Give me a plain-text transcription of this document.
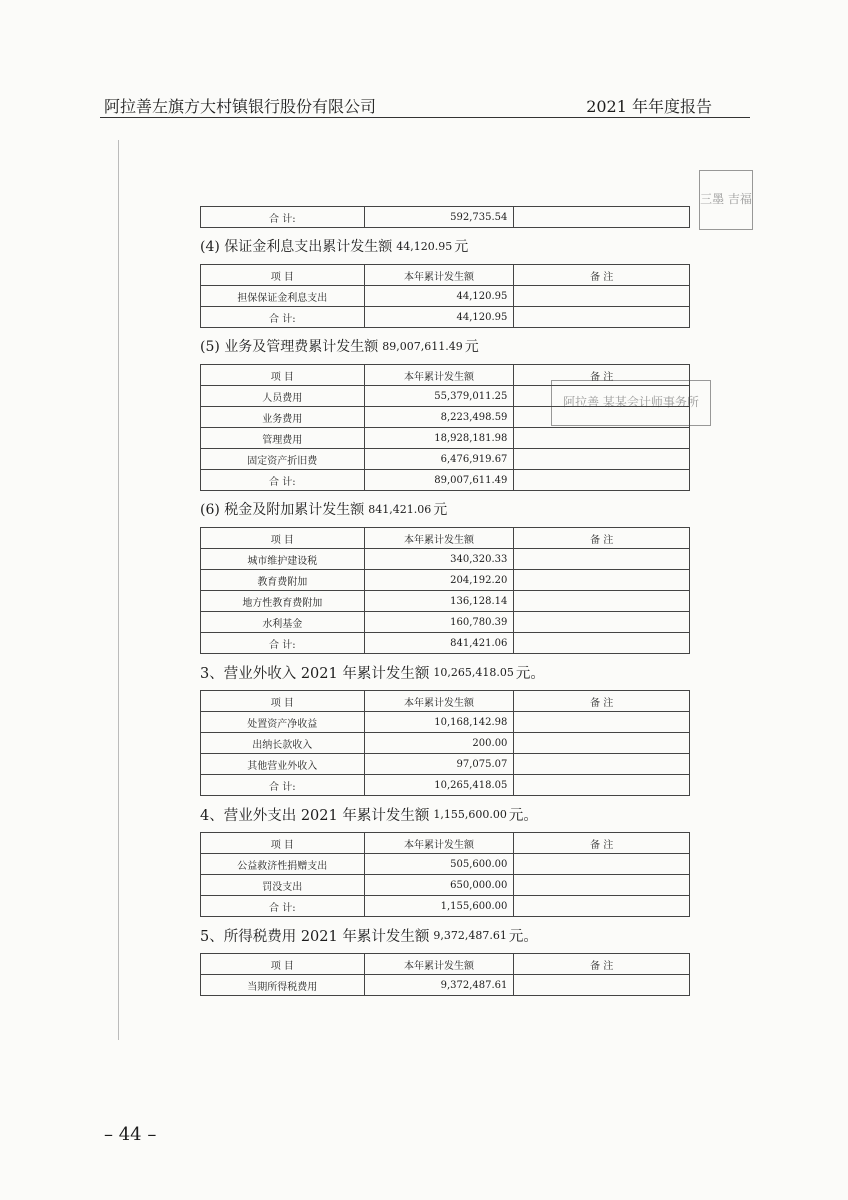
阿拉善左旗方大村镇银行股份有限公司	2021 年年度报告
三墨 吉福
阿拉善 某某会计师事务所
合 计:	592,735.54	
(4) 保证金利息支出累计发生额 44,120.95 元
项 目	本年累计发生额	备 注
担保保证金利息支出	44,120.95	
合 计:	44,120.95	
(5) 业务及管理费累计发生额 89,007,611.49 元
项 目	本年累计发生额	备 注
人员费用	55,379,011.25	
业务费用	8,223,498.59	
管理费用	18,928,181.98	
固定资产折旧费	6,476,919.67	
合 计:	89,007,611.49	
(6) 税金及附加累计发生额 841,421.06 元
项 目	本年累计发生额	备 注
城市维护建设税	340,320.33	
教育费附加	204,192.20	
地方性教育费附加	136,128.14	
水利基金	160,780.39	
合 计:	841,421.06	
3、营业外收入 2021 年累计发生额 10,265,418.05 元。
项 目	本年累计发生额	备 注
处置资产净收益	10,168,142.98	
出纳长款收入	200.00	
其他营业外收入	97,075.07	
合 计:	10,265,418.05	
4、营业外支出 2021 年累计发生额 1,155,600.00 元。
项 目	本年累计发生额	备 注
公益救济性捐赠支出	505,600.00	
罚没支出	650,000.00	
合 计:	1,155,600.00	
5、所得税费用 2021 年累计发生额 9,372,487.61 元。
项 目	本年累计发生额	备 注
当期所得税费用	9,372,487.61	
– 44 –
